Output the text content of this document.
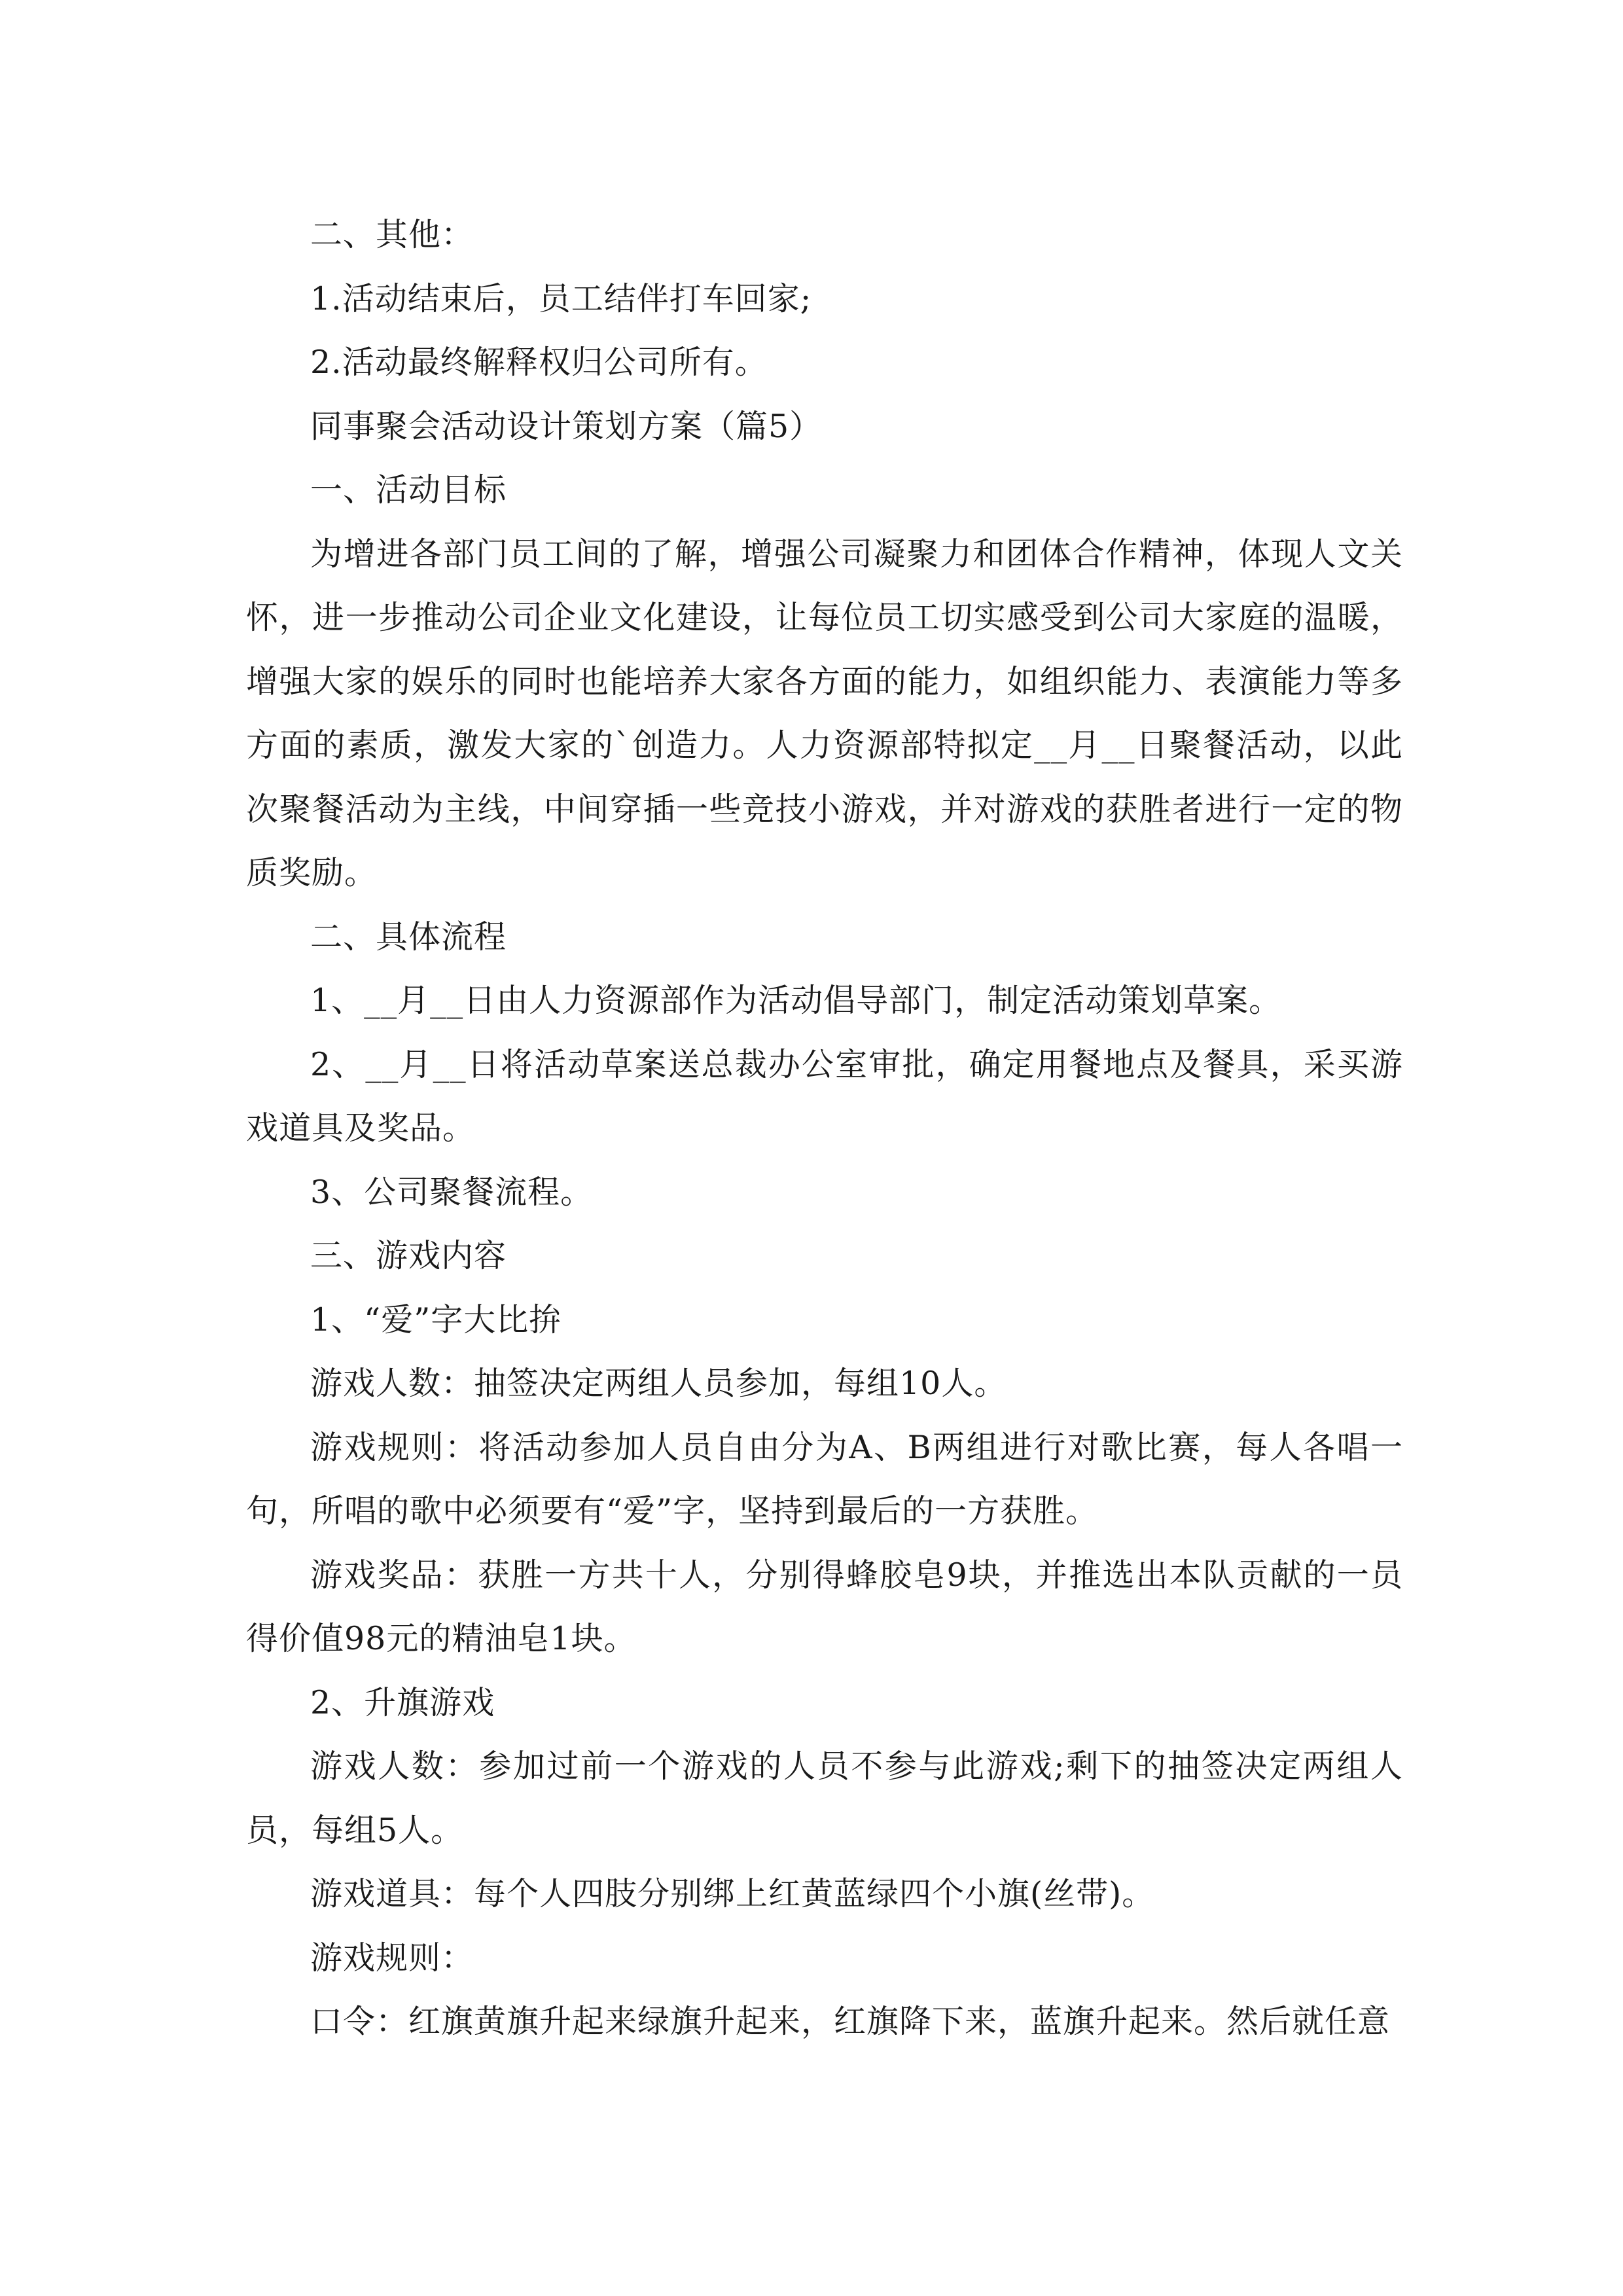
二、其他：

1.活动结束后，员工结伴打车回家;

2.活动最终解释权归公司所有。

同事聚会活动设计策划方案（篇5）

一、活动目标

为增进各部门员工间的了解，增强公司凝聚力和团体合作精神，体现人文关怀，进一步推动公司企业文化建设，让每位员工切实感受到公司大家庭的温暖，增强大家的娱乐的同时也能培养大家各方面的能力，如组织能力、表演能力等多方面的素质，激发大家的`创造力。人力资源部特拟定__月__日聚餐活动，以此次聚餐活动为主线，中间穿插一些竞技小游戏，并对游戏的获胜者进行一定的物质奖励。

二、具体流程

1、__月__日由人力资源部作为活动倡导部门，制定活动策划草案。

2、__月__日将活动草案送总裁办公室审批，确定用餐地点及餐具，采买游戏道具及奖品。

3、公司聚餐流程。

三、游戏内容

1、“爱”字大比拚

游戏人数：抽签决定两组人员参加，每组10人。

游戏规则：将活动参加人员自由分为A、B两组进行对歌比赛，每人各唱一句，所唱的歌中必须要有“爱”字，坚持到最后的一方获胜。

游戏奖品：获胜一方共十人，分别得蜂胶皂9块，并推选出本队贡献的一员得价值98元的精油皂1块。

2、升旗游戏

游戏人数：参加过前一个游戏的人员不参与此游戏;剩下的抽签决定两组人员，每组5人。

游戏道具：每个人四肢分别绑上红黄蓝绿四个小旗(丝带)。

游戏规则：

口令：红旗黄旗升起来绿旗升起来，红旗降下来，蓝旗升起来。然后就任意
